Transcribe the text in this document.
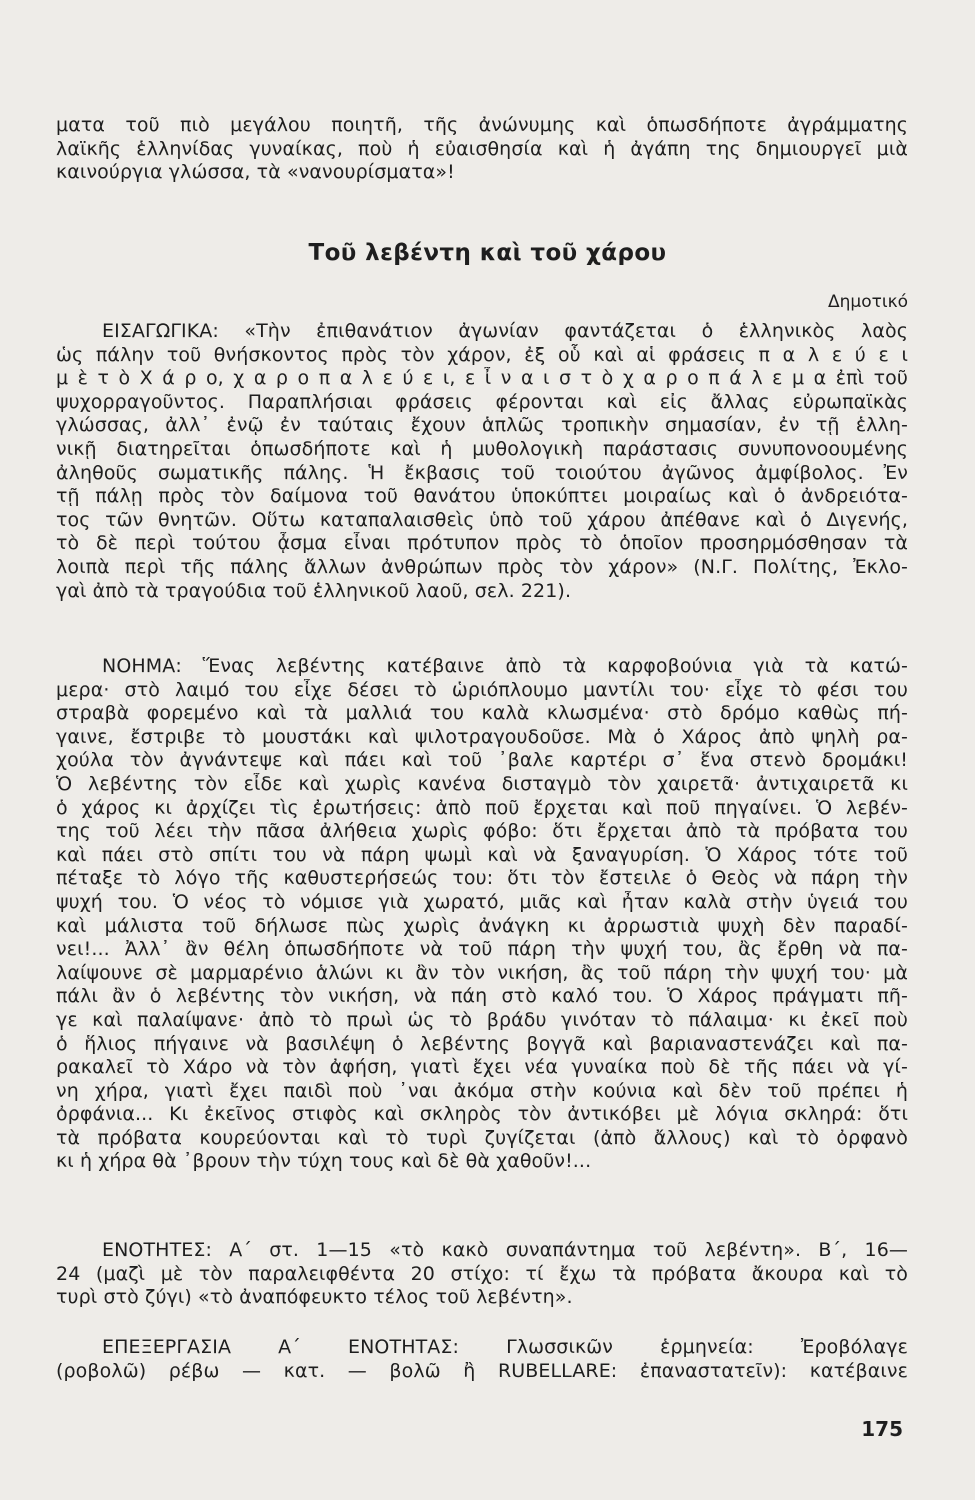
ματα τοῦ πιὸ μεγάλου ποιητῆ, τῆς ἀνώνυμης καὶ ὁπωσδήποτε ἀγράμματης
λαϊκῆς ἑλληνίδας γυναίκας, ποὺ ἡ εὐαισθησία καὶ ἡ ἀγάπη της δημιουργεῖ μιὰ
καινούργια γλώσσα, τὰ «νανουρίσματα»!
Τοῦ λεβέντη καὶ τοῦ χάρου
Δημοτικό
ΕΙΣΑΓΩΓΙΚΑ: «Τὴν ἐπιθανάτιον ἀγωνίαν φαντάζεται ὁ ἑλληνικὸς λαὸς
ὡς πάλην τοῦ θνήσκοντος πρὸς τὸν χάρον, ἐξ οὗ καὶ αἱ φράσεις π α λ ε ύ ε ι
μ ὲ τ ὸ Χ ά ρ ο, χ α ρ ο π α λ ε ύ ε ι, ε ἶ ν α ι σ τ ὸ χ α ρ ο π ά λ ε μ α ἐπὶ τοῦ
ψυχορραγοῦντος. Παραπλήσιαι φράσεις φέρονται καὶ εἰς ἄλλας εὐρωπαϊκὰς
γλώσσας, ἀλλ᾿ ἐνῷ ἐν ταύταις ἔχουν ἁπλῶς τροπικὴν σημασίαν, ἐν τῇ ἑλλη-
νικῇ διατηρεῖται ὁπωσδήποτε καὶ ἡ μυθολογικὴ παράστασις συνυπονοουμένης
ἀληθοῦς σωματικῆς πάλης. Ἡ ἔκβασις τοῦ τοιούτου ἀγῶνος ἀμφίβολος. Ἐν
τῇ πάλῃ πρὸς τὸν δαίμονα τοῦ θανάτου ὑποκύπτει μοιραίως καὶ ὁ ἀνδρειότα-
τος τῶν θνητῶν. Οὕτω καταπαλαισθεὶς ὑπὸ τοῦ χάρου ἀπέθανε καὶ ὁ Διγενής,
τὸ δὲ περὶ τούτου ᾆσμα εἶναι πρότυπον πρὸς τὸ ὁποῖον προσηρμόσθησαν τὰ
λοιπὰ περὶ τῆς πάλης ἄλλων ἀνθρώπων πρὸς τὸν χάρον» (Ν.Γ. Πολίτης, Ἐκλο-
γαὶ ἀπὸ τὰ τραγούδια τοῦ ἑλληνικοῦ λαοῦ, σελ. 221).
ΝΟΗΜΑ: Ἕνας λεβέντης κατέβαινε ἀπὸ τὰ καρφοβούνια γιὰ τὰ κατώ-
μερα· στὸ λαιμό του εἶχε δέσει τὸ ὡριόπλουμο μαντίλι του· εἶχε τὸ φέσι του
στραβὰ φορεμένο καὶ τὰ μαλλιά του καλὰ κλωσμένα· στὸ δρόμο καθὼς πή-
γαινε, ἔστριβε τὸ μουστάκι καὶ ψιλοτραγουδοῦσε. Μὰ ὁ Χάρος ἀπὸ ψηλὴ ρα-
χούλα τὸν ἀγνάντεψε καὶ πάει καὶ τοῦ ᾿βαλε καρτέρι σ᾿ ἕνα στενὸ δρομάκι!
Ὁ λεβέντης τὸν εἶδε καὶ χωρὶς κανένα δισταγμὸ τὸν χαιρετᾶ· ἀντιχαιρετᾶ κι
ὁ χάρος κι ἀρχίζει τὶς ἐρωτήσεις: ἀπὸ ποῦ ἔρχεται καὶ ποῦ πηγαίνει. Ὁ λεβέν-
της τοῦ λέει τὴν πᾶσα ἀλήθεια χωρὶς φόβο: ὅτι ἔρχεται ἀπὸ τὰ πρόβατα του
καὶ πάει στὸ σπίτι του νὰ πάρη ψωμὶ καὶ νὰ ξαναγυρίση. Ὁ Χάρος τότε τοῦ
πέταξε τὸ λόγο τῆς καθυστερήσεώς του: ὅτι τὸν ἔστειλε ὁ Θεὸς νὰ πάρη τὴν
ψυχή του. Ὁ νέος τὸ νόμισε γιὰ χωρατό, μιᾶς καὶ ἦταν καλὰ στὴν ὑγειά του
καὶ μάλιστα τοῦ δήλωσε πὼς χωρὶς ἀνάγκη κι ἀρρωστιὰ ψυχὴ δὲν παραδί-
νει!... Ἀλλ᾿ ἂν θέλη ὁπωσδήποτε νὰ τοῦ πάρη τὴν ψυχή του, ἂς ἔρθη νὰ πα-
λαίψουνε σὲ μαρμαρένιο ἁλώνι κι ἂν τὸν νικήση, ἂς τοῦ πάρη τὴν ψυχή του· μὰ
πάλι ἂν ὁ λεβέντης τὸν νικήση, νὰ πάη στὸ καλό του. Ὁ Χάρος πράγματι πῆ-
γε καὶ παλαίψανε· ἀπὸ τὸ πρωὶ ὡς τὸ βράδυ γινόταν τὸ πάλαιμα· κι ἐκεῖ ποὺ
ὁ ἥλιος πήγαινε νὰ βασιλέψη ὁ λεβέντης βογγᾶ καὶ βαριαναστενάζει καὶ πα-
ρακαλεῖ τὸ Χάρο νὰ τὸν ἀφήση, γιατὶ ἔχει νέα γυναίκα ποὺ δὲ τῆς πάει νὰ γί-
νη χήρα, γιατὶ ἔχει παιδὶ ποὺ ᾿ναι ἀκόμα στὴν κούνια καὶ δὲν τοῦ πρέπει ἡ
ὀρφάνια... Κι ἐκεῖνος στιφὸς καὶ σκληρὸς τὸν ἀντικόβει μὲ λόγια σκληρά: ὅτι
τὰ πρόβατα κουρεύονται καὶ τὸ τυρὶ ζυγίζεται (ἀπὸ ἄλλους) καὶ τὸ ὀρφανὸ
κι ἡ χήρα θὰ ᾿βρουν τὴν τύχη τους καὶ δὲ θὰ χαθοῦν!...
ΕΝΟΤΗΤΕΣ: Α΄ στ. 1—15 «τὸ κακὸ συναπάντημα τοῦ λεβέντη». Β΄, 16—
24 (μαζὶ μὲ τὸν παραλειφθέντα 20 στίχο: τί ἔχω τὰ πρόβατα ἄκουρα καὶ τὸ
τυρὶ στὸ ζύγι) «τὸ ἀναπόφευκτο τέλος τοῦ λεβέντη».
ΕΠΕΞΕΡΓΑΣΙΑ Α΄ ΕΝΟΤΗΤΑΣ: Γλωσσικῶν ἑρμηνεία: Ἐροβόλαγε
(ροβολῶ) ρέβω — κατ. — βολῶ ἢ RUBELLARE: ἐπαναστατεῖν): κατέβαινε
175
